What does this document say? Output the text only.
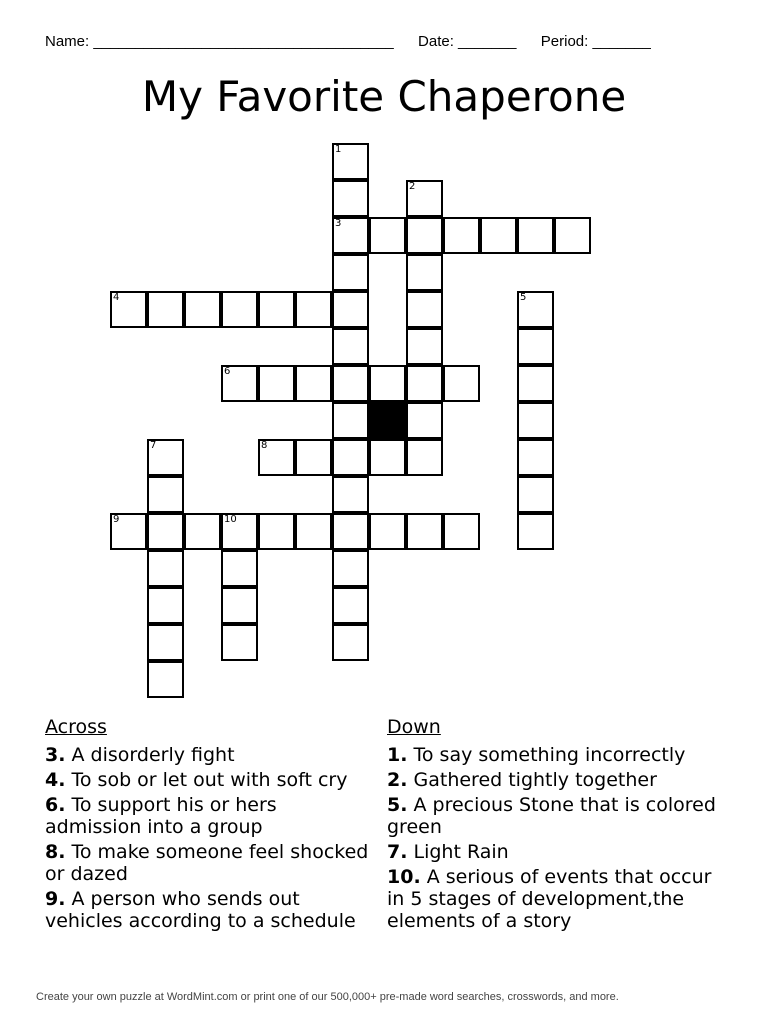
Name: ____________________________________ Date: _______ Period: _______
My Favorite Chaperone
1
3
2
4	5
6
7	8
9	10
Across
3. A disorderly fight
4. To sob or let out with soft cry
6. To support his or hers admission into a group
8. To make someone feel shocked or dazed
9. A person who sends out vehicles according to a schedule
Down
1. To say something incorrectly
2. Gathered tightly together
5. A precious Stone that is colored green
7. Light Rain
10. A serious of events that occur in 5 stages of development,the elements of a story
Create your own puzzle at WordMint.com or print one of our 500,000+ pre-made word searches, crosswords, and more.
